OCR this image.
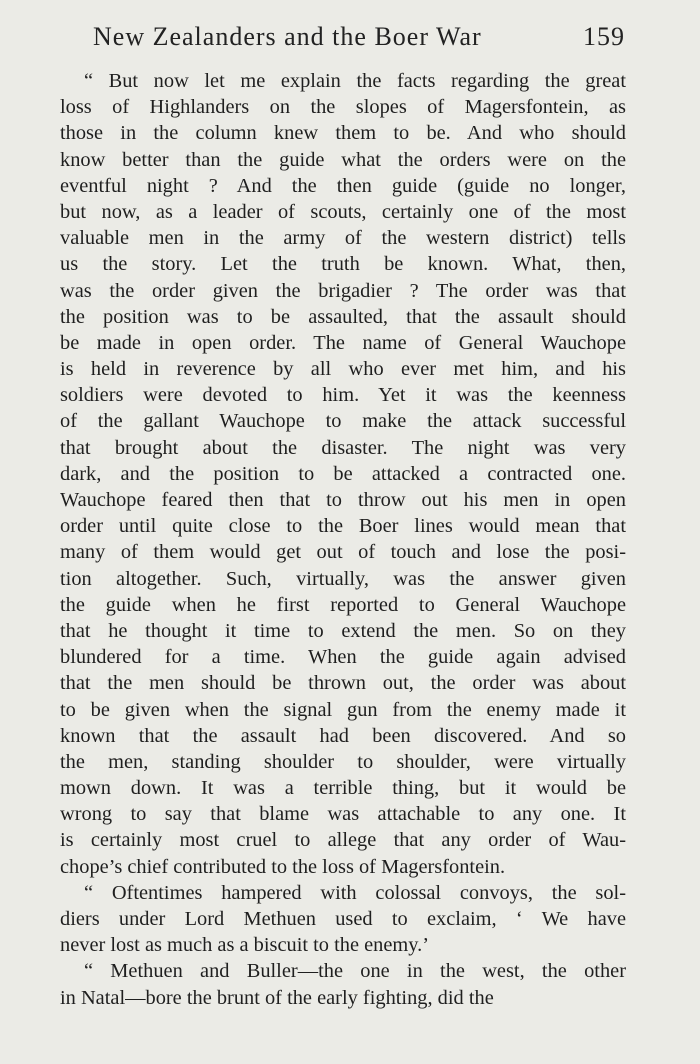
New Zealanders and the Boer War	159
“ But now let me explain the facts regarding the great
loss of Highlanders on the slopes of Magersfontein, as
those in the column knew them to be. And who should
know better than the guide what the orders were on the
eventful night ? And the then guide (guide no longer,
but now, as a leader of scouts, certainly one of the most
valuable men in the army of the western district) tells
us the story. Let the truth be known. What, then,
was the order given the brigadier ? The order was that
the position was to be assaulted, that the assault should
be made in open order. The name of General Wauchope
is held in reverence by all who ever met him, and his
soldiers were devoted to him. Yet it was the keenness
of the gallant Wauchope to make the attack successful
that brought about the disaster. The night was very
dark, and the position to be attacked a contracted one.
Wauchope feared then that to throw out his men in open
order until quite close to the Boer lines would mean that
many of them would get out of touch and lose the posi-
tion altogether. Such, virtually, was the answer given
the guide when he first reported to General Wauchope
that he thought it time to extend the men. So on they
blundered for a time. When the guide again advised
that the men should be thrown out, the order was about
to be given when the signal gun from the enemy made it
known that the assault had been discovered. And so
the men, standing shoulder to shoulder, were virtually
mown down. It was a terrible thing, but it would be
wrong to say that blame was attachable to any one. It
is certainly most cruel to allege that any order of Wau-
chope’s chief contributed to the loss of Magersfontein.
“ Oftentimes hampered with colossal convoys, the sol-
diers under Lord Methuen used to exclaim, ‘ We have
never lost as much as a biscuit to the enemy.’
“ Methuen and Buller—the one in the west, the other
in Natal—bore the brunt of the early fighting, did the
